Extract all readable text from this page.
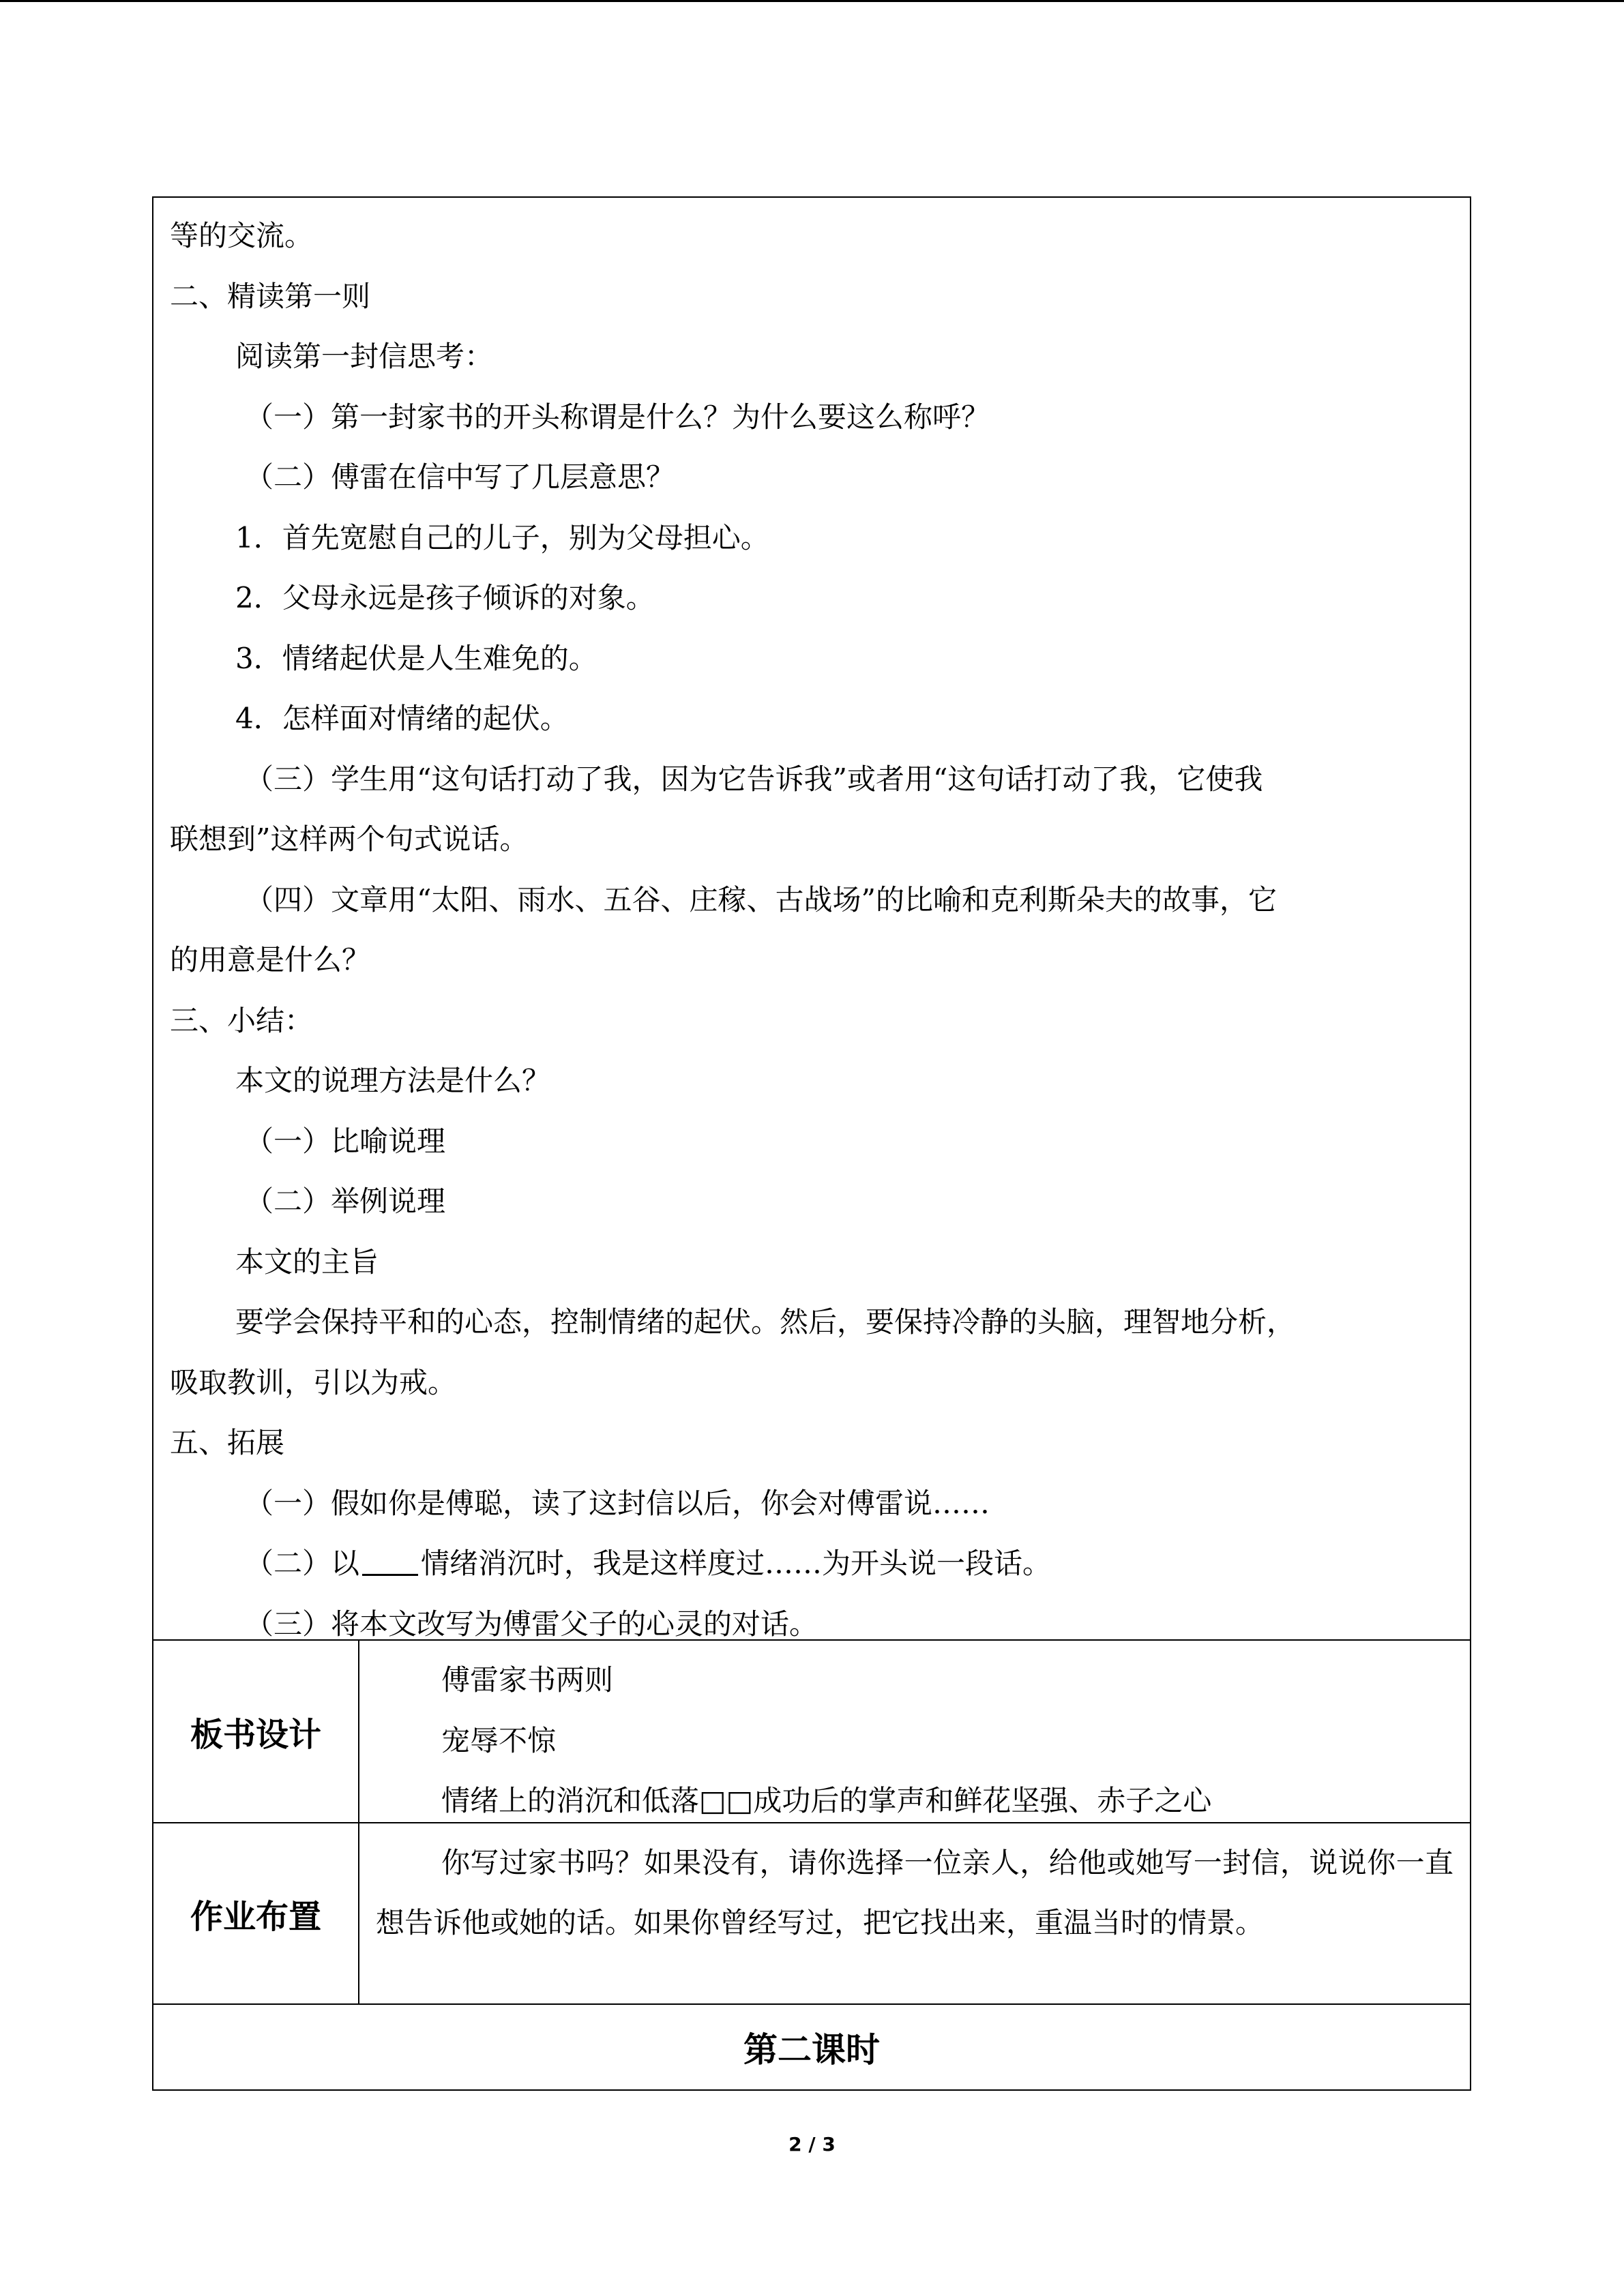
等的交流。
二、精读第一则
阅读第一封信思考：
（一）第一封家书的开头称谓是什么？为什么要这么称呼？
（二）傅雷在信中写了几层意思？
1．首先宽慰自己的儿子，别为父母担心。
2．父母永远是孩子倾诉的对象。
3．情绪起伏是人生难免的。
4．怎样面对情绪的起伏。
（三）学生用“这句话打动了我，因为它告诉我”或者用“这句话打动了我，它使我
联想到”这样两个句式说话。
（四）文章用“太阳、雨水、五谷、庄稼、古战场”的比喻和克利斯朵夫的故事，它
的用意是什么？
三、小结：
本文的说理方法是什么？
（一）比喻说理
（二）举例说理
本文的主旨
要学会保持平和的心态，控制情绪的起伏。然后，要保持冷静的头脑，理智地分析，
吸取教训，引以为戒。
五、拓展
（一）假如你是傅聪，读了这封信以后，你会对傅雷说……
（二）以 情绪消沉时，我是这样度过……为开头说一段话。
（三）将本文改写为傅雷父子的心灵的对话。
板书设计
傅雷家书两则
宠辱不惊
情绪上的消沉和低落□□成功后的掌声和鲜花坚强、赤子之心
作业布置
你写过家书吗？如果没有，请你选择一位亲人，给他或她写一封信，说说你一直想告诉他或她的话。如果你曾经写过，把它找出来，重温当时的情景。
第二课时
2 / 3
